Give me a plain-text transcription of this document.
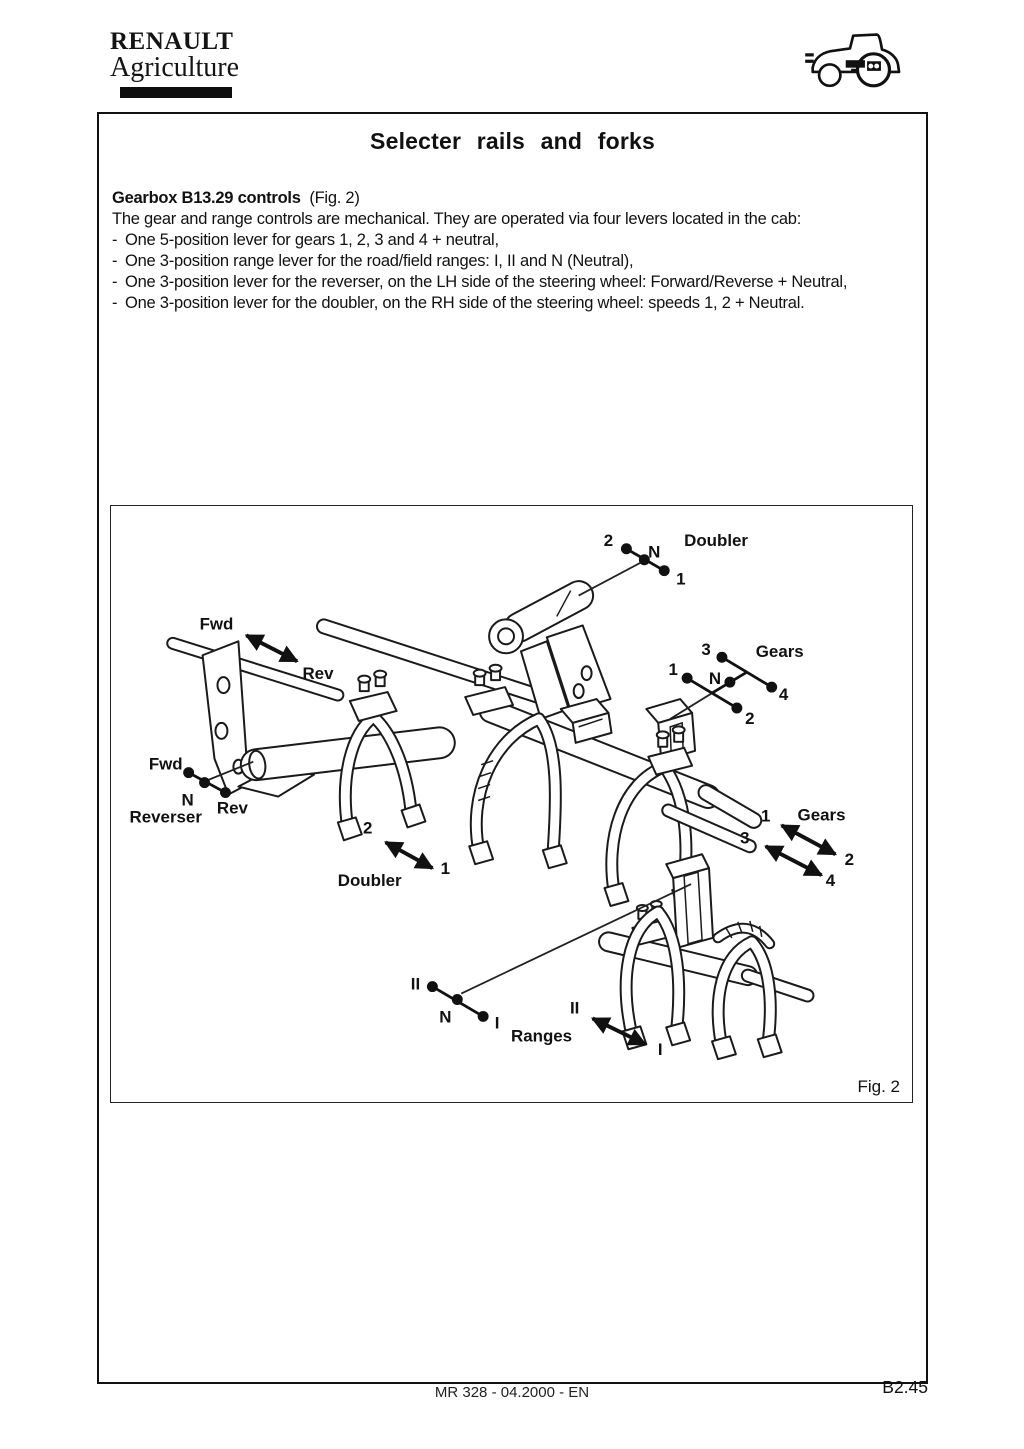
RENAULT
Agriculture
Selecter rails and forks

Gearbox B13.29 controls (Fig. 2)

The gear and range controls are mechanical. They are operated via four levers located in the cab:
- One 5-position lever for gears 1, 2, 3 and 4 + neutral,
- One 3-position range lever for the road/field ranges: I, II and N (Neutral),
- One 3-position lever for the reverser, on the LH side of the steering wheel: Forward/Reverse + Neutral,
- One 3-position lever for the doubler, on the RH side of the steering wheel: speeds 1, 2 + Neutral.
2
N
1
Doubler
3	Gears
1 N
4
2
Fwd
N Rev
Reverser
Fwd
Rev
2
1
Doubler
1 Gears
3
2
4
II
N	I
Ranges
II
I
Fig. 2
MR 328 - 04.2000 - EN	B2.45
